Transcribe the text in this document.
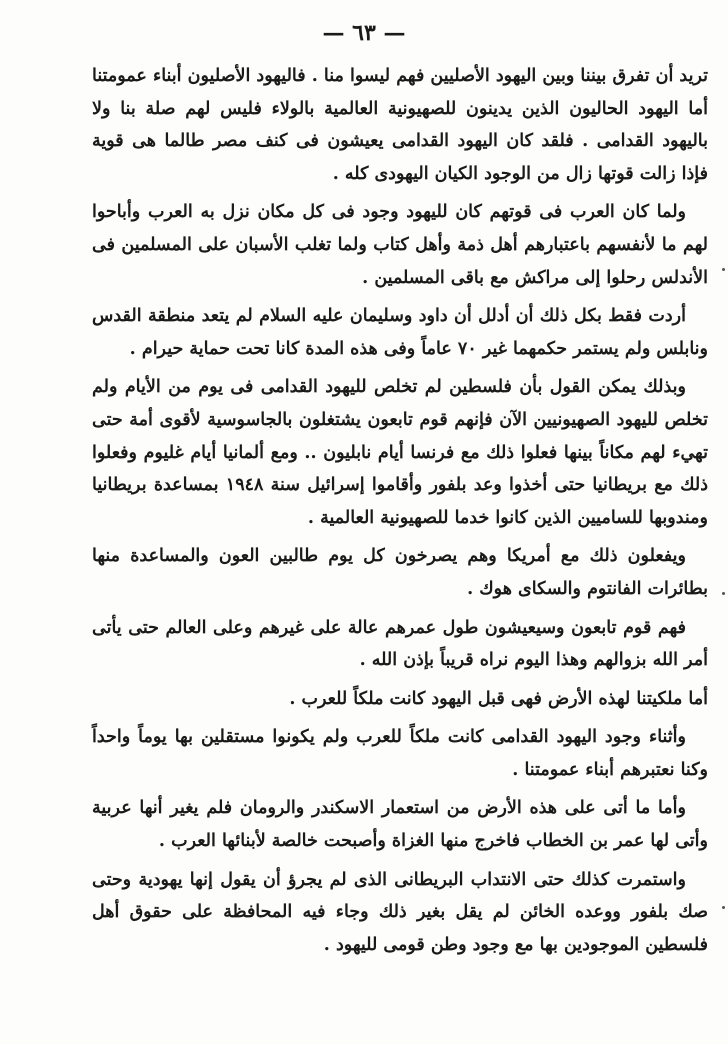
— ٦٣ —

تريد أن تفرق بيننا وبين اليهود الأصليين فهم ليسوا منا . فاليهود الأصليون أبناء عمومتنا أما اليهود الحاليون الذين يدينون للصهيونية العالمية بالولاء فليس لهم صلة بنا ولا باليهود القدامى . فلقد كان اليهود القدامى يعيشون فى كنف مصر طالما هى قوية فإذا زالت قوتها زال من الوجود الكيان اليهودى كله .

ولما كان العرب فى قوتهم كان لليهود وجود فى كل مكان نزل به العرب وأباحوا لهم ما لأنفسهم باعتبارهم أهل ذمة وأهل كتاب ولما تغلب الأسبان على المسلمين فى الأندلس رحلوا إلى مراكش مع باقى المسلمين .

أردت فقط بكل ذلك أن أدلل أن داود وسليمان عليه السلام لم يتعد منطقة القدس ونابلس ولم يستمر حكمهما غير ٧٠ عاماً وفى هذه المدة كانا تحت حماية حيرام .

وبذلك يمكن القول بأن فلسطين لم تخلص لليهود القدامى فى يوم من الأيام ولم تخلص لليهود الصهيونيين الآن فإنهم قوم تابعون يشتغلون بالجاسوسية لأقوى أمة حتى تهيء لهم مكاناً بينها فعلوا ذلك مع فرنسا أيام نابليون .. ومع ألمانيا أيام غليوم وفعلوا ذلك مع بريطانيا حتى أخذوا وعد بلفور وأقاموا إسرائيل سنة ١٩٤٨ بمساعدة بريطانيا ومندوبها للساميين الذين كانوا خدما للصهيونية العالمية .

ويفعلون ذلك مع أمريكا وهم يصرخون كل يوم طالبين العون والمساعدة منها بطائرات الفانتوم والسكاى هوك .

فهم قوم تابعون وسيعيشون طول عمرهم عالة على غيرهم وعلى العالم حتى يأتى أمر الله بزوالهم وهذا اليوم نراه قريباً بإذن الله .

أما ملكيتنا لهذه الأرض فهى قبل اليهود كانت ملكاً للعرب .

وأثناء وجود اليهود القدامى كانت ملكاً للعرب ولم يكونوا مستقلين بها يوماً واحداً وكنا نعتبرهم أبناء عمومتنا .

وأما ما أتى على هذه الأرض من استعمار الاسكندر والرومان فلم يغير أنها عربية وأتى لها عمر بن الخطاب فاخرج منها الغزاة وأصبحت خالصة لأبنائها العرب .

واستمرت كذلك حتى الانتداب البريطانى الذى لم يجرؤ أن يقول إنها يهودية وحتى صك بلفور ووعده الخائن لم يقل بغير ذلك وجاء فيه المحافظة على حقوق أهل فلسطين الموجودين بها مع وجود وطن قومى لليهود .
